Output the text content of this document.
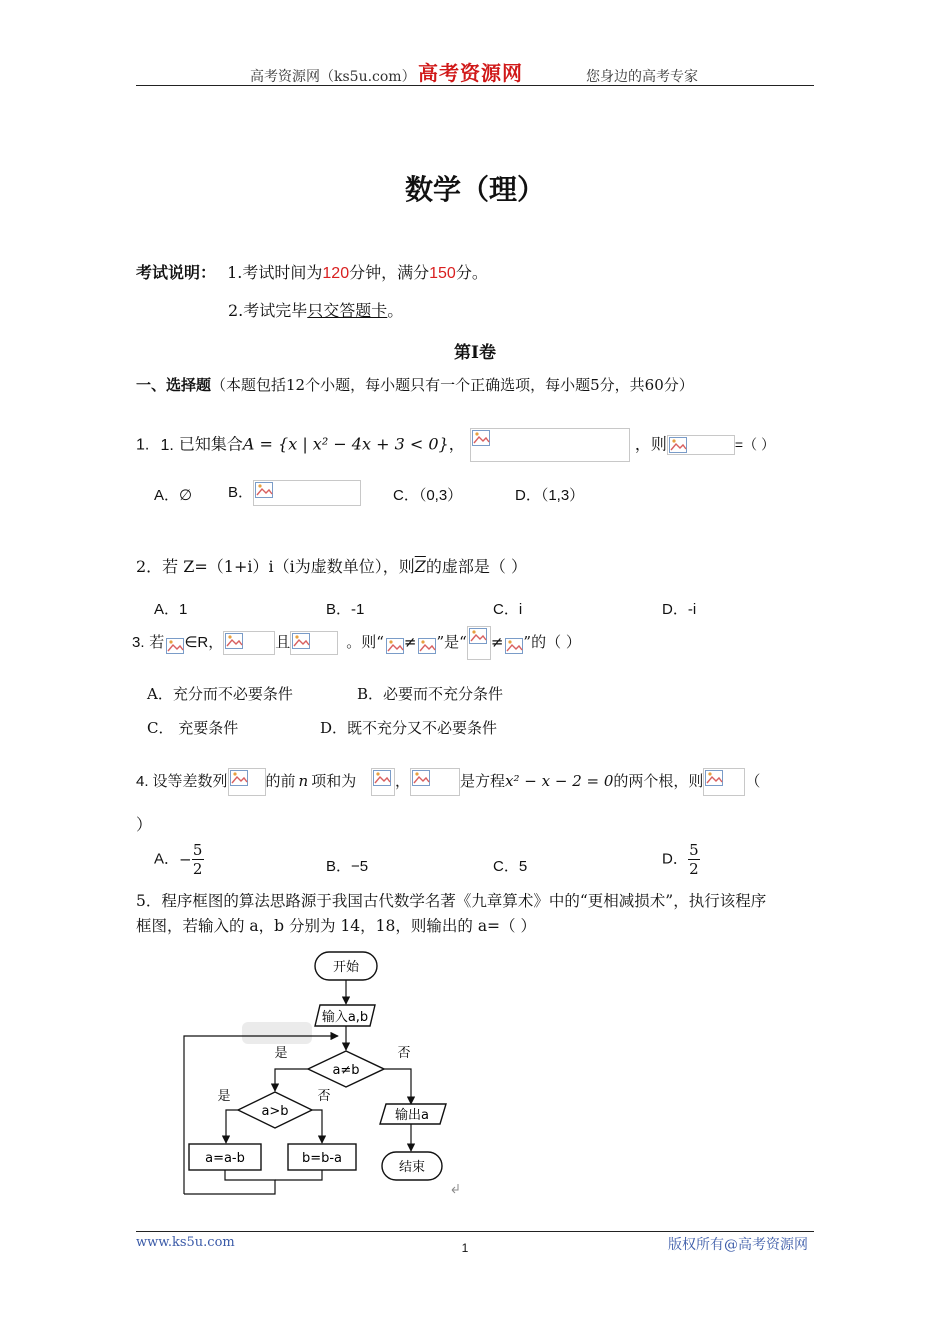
高考资源网（ks5u.com） 高考资源网	您身边的高考专家
数学（理）
考试说明： 1.考试时间为120分钟，满分150分。
2.考试完毕只交答题卡。
第Ⅰ卷
一、选择题（本题包括12个小题，每小题只有一个正确选项，每小题5分，共60分）
1. 1. 已知集合A = {x | x² − 4x + 3 < 0}，	，则	=（ ）
A．∅ B．	C．（0,3）	D．（1,3）
2．若 Z=（1+i）i（i为虚数单位），则$\overline{Z}$的虚部是（ ）
A．1	B．-1	C．i	D．-i
3. 若 ∈R，	且	。则“ ≠ ”是“ ≠ ”的（ ）
A．充分而不必要条件	B．必要而不充分条件
C． 充要条件	D．既不充分又不必要条件
4. 设等差数列	的前 n 项和为	，	是方程x² − x − 2 = 0的两个根，则	（
）
A．− $\frac{5}{2}$	B．−5	C．5	D． $\frac{5}{2}$
5．程序框图的算法思路源于我国古代数学名著《九章算术》中的“更相减损术”，执行该程序
框图，若输入的 a，b 分别为 14，18，则输出的 a=（ ）
开始
输入a,b
a≠b
是	否
a>b
是	否
a=a-b	b=b-a
输出a
结束
www.ks5u.com	1	版权所有@高考资源网
